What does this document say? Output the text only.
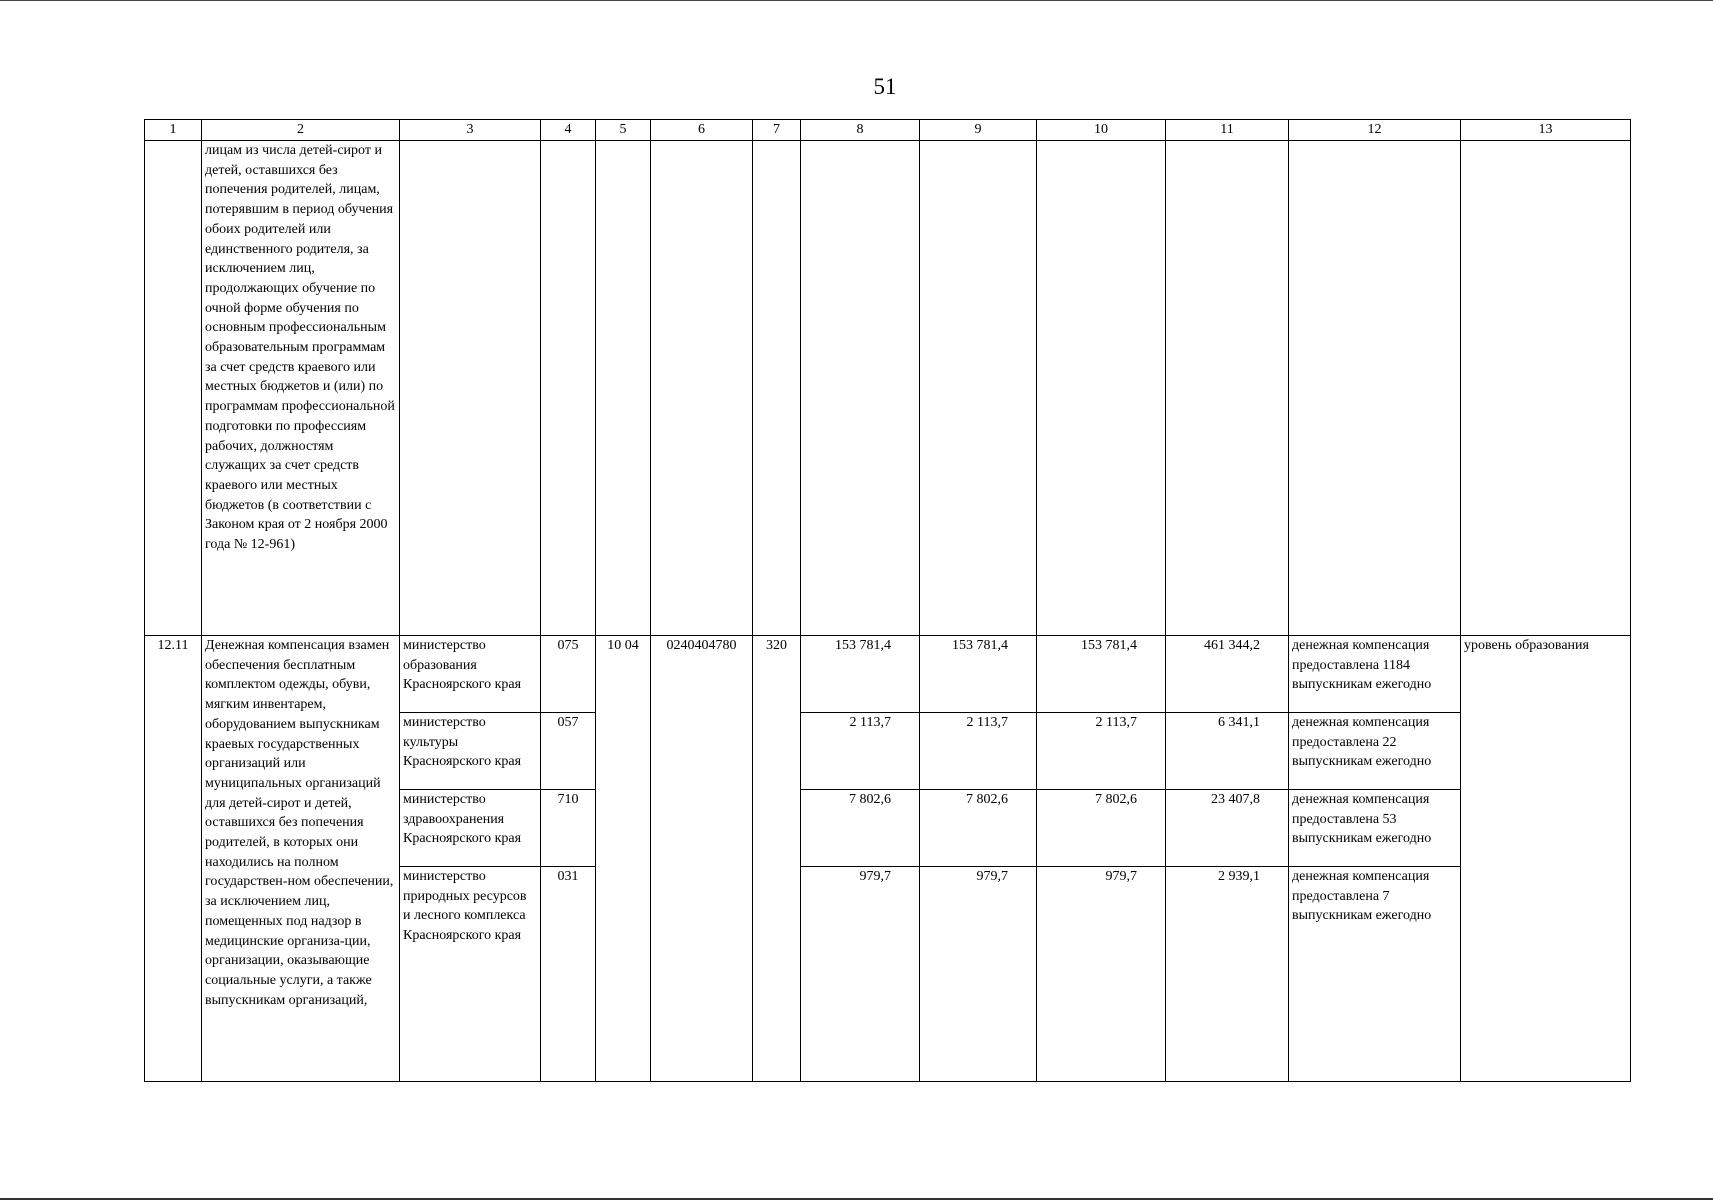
51
1	2	3	4	5	6	7	8	9	10	11	12	13
	лицам из числа детей-сирот и детей, оставшихся без попечения родителей, лицам, потерявшим в период обучения обоих родителей или единственного родителя, за исключением лиц, продолжающих обучение по очной форме обучения по основным профессиональным образовательным программам за счет средств краевого или местных бюджетов и (или) по программам профессиональной подготовки по профессиям рабочих, должностям служащих за счет средств краевого или местных бюджетов (в соответствии с Законом края от 2 ноября 2000 года № 12-961)											
12.11	Денежная компенсация взамен обеспечения бесплатным комплектом одежды, обуви, мягким инвентарем, оборудованием выпускникам краевых государственных организаций или муниципальных организаций для детей-сирот и детей, оставшихся без попечения родителей, в которых они находились на полном государствен-ном обеспечении, за исключением лиц, помещенных под надзор в медицинские организа-ции, организации, оказывающие социальные услуги, а также выпускникам организаций,	министерство образования Красноярского края	075	10 04	0240404780	320	153 781,4	153 781,4	153 781,4	461 344,2	денежная компенсация предоставлена 1184 выпускникам ежегодно	уровень образования
		министерство культуры Красноярского края	057				2 113,7	2 113,7	2 113,7	6 341,1	денежная компенсация предоставлена 22 выпускникам ежегодно	
		министерство здравоохранения Красноярского края	710				7 802,6	7 802,6	7 802,6	23 407,8	денежная компенсация предоставлена 53 выпускникам ежегодно	
		министерство природных ресурсов и лесного комплекса Красноярского края	031				979,7	979,7	979,7	2 939,1	денежная компенсация предоставлена 7 выпускникам ежегодно	
